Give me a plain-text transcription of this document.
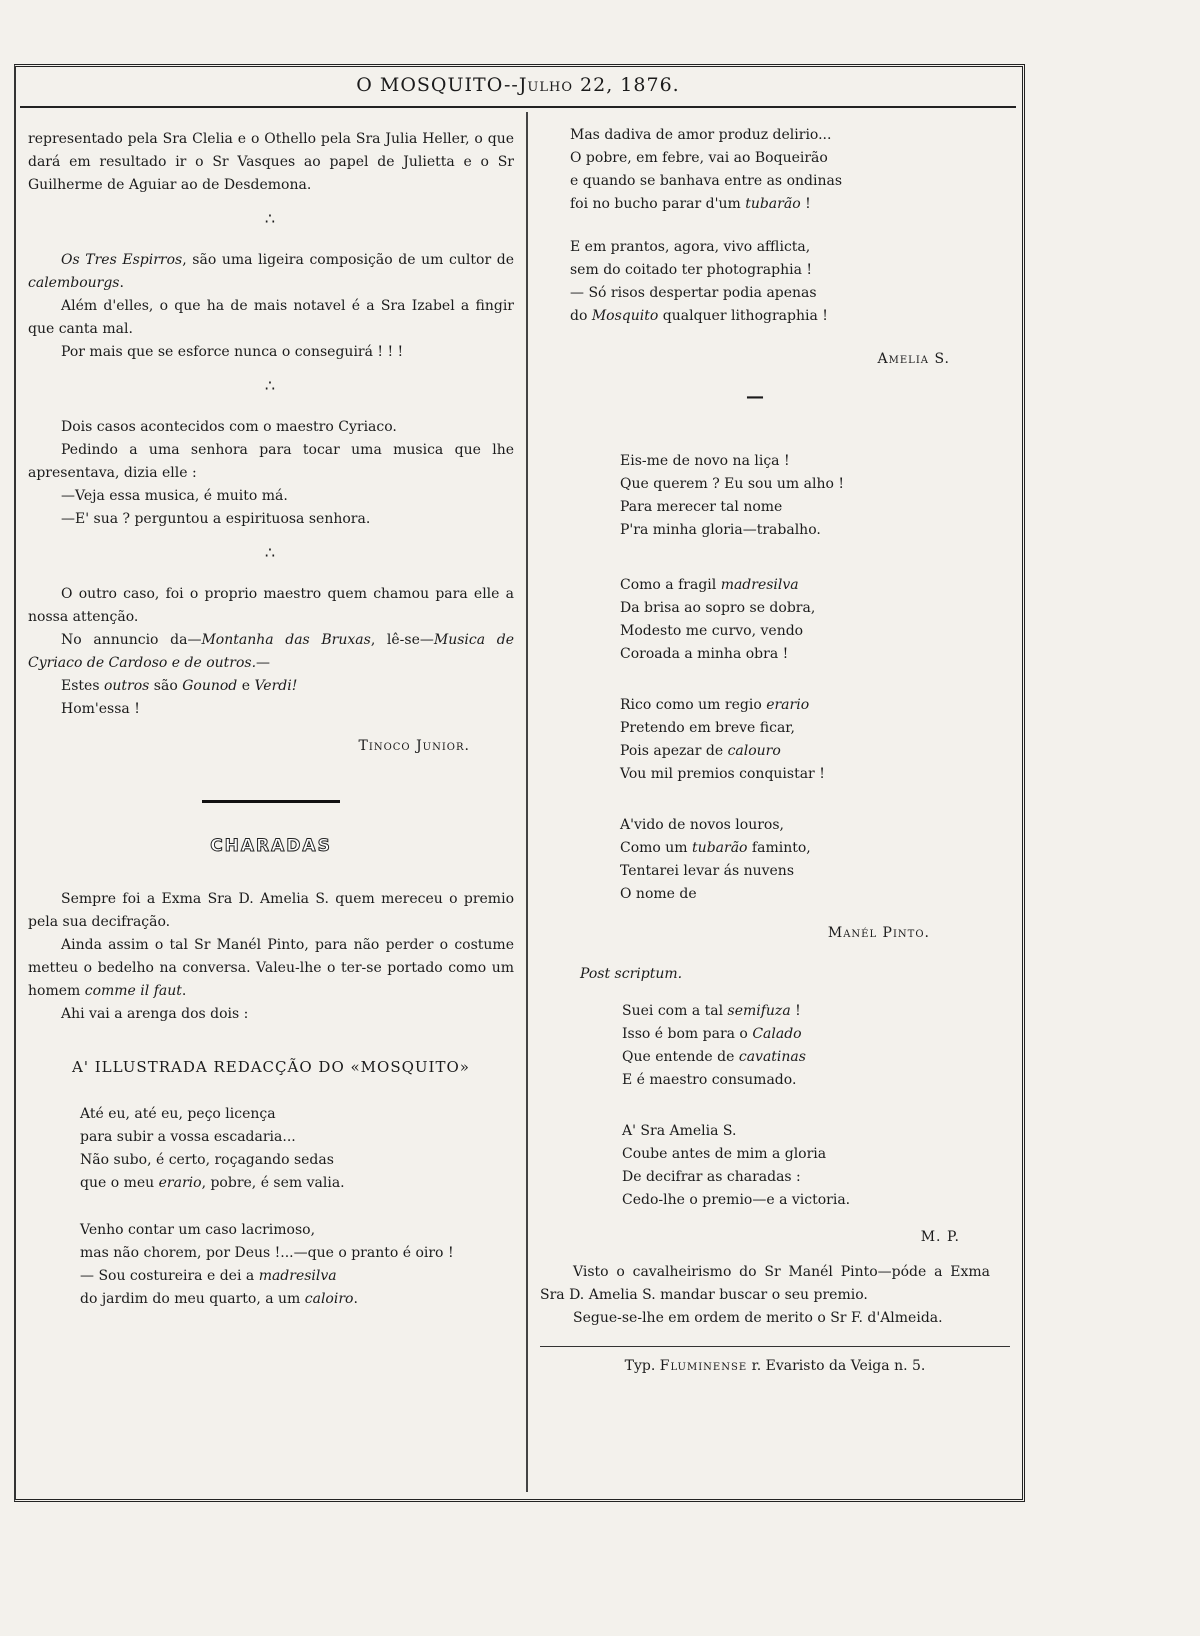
O MOSQUITO--Julho 22, 1876.

representado pela Sra Clelia e o Othello pela Sra Julia Heller, o que dará em resultado ir o Sr Vasques ao papel de Julietta e o Sr Guilherme de Aguiar ao de Desdemona.

∴

Os Tres Espirros, são uma ligeira composição de um cultor de calembourgs.

Além d'elles, o que ha de mais notavel é a Sra Izabel a fingir que canta mal.

Por mais que se esforce nunca o conseguirá ! ! !

∴

Dois casos acontecidos com o maestro Cyriaco.

Pedindo a uma senhora para tocar uma musica que lhe apresentava, dizia elle :

—Veja essa musica, é muito má.

—E' sua ? perguntou a espirituosa senhora.

∴

O outro caso, foi o proprio maestro quem chamou para elle a nossa attenção.

No annuncio da—Montanha das Bruxas, lê-se—Musica de Cyriaco de Cardoso e de outros.—

Estes outros são Gounod e Verdi!

Hom'essa !

Tinoco Junior.

CHARADAS

Sempre foi a Exma Sra D. Amelia S. quem mereceu o premio pela sua decifração.

Ainda assim o tal Sr Manél Pinto, para não perder o costume metteu o bedelho na conversa. Valeu-lhe o ter-se portado como um homem comme il faut.

Ahi vai a arenga dos dois :

A' ILLUSTRADA REDACÇÃO DO «MOSQUITO»

Até eu, até eu, peço licença

para subir a vossa escadaria...

Não subo, é certo, roçagando sedas

que o meu erario, pobre, é sem valia.

Venho contar um caso lacrimoso,

mas não chorem, por Deus !...—que o pranto é oiro !

— Sou costureira e dei a madresilva

do jardim do meu quarto, a um caloiro.

Mas dadiva de amor produz delirio...

O pobre, em febre, vai ao Boqueirão

e quando se banhava entre as ondinas

foi no bucho parar d'um tubarão !

E em prantos, agora, vivo afflicta,

sem do coitado ter photographia !

— Só risos despertar podia apenas

do Mosquito qualquer lithographia !

Amelia S.

—

Eis-me de novo na liça !

Que querem ? Eu sou um alho !

Para merecer tal nome

P'ra minha gloria—trabalho.

Como a fragil madresilva

Da brisa ao sopro se dobra,

Modesto me curvo, vendo

Coroada a minha obra !

Rico como um regio erario

Pretendo em breve ficar,

Pois apezar de calouro

Vou mil premios conquistar !

A'vido de novos louros,

Como um tubarão faminto,

Tentarei levar ás nuvens

O nome de

Manél Pinto.

Post scriptum.

Suei com a tal semifuza !

Isso é bom para o Calado

Que entende de cavatinas

E é maestro consumado.

A' Sra Amelia S.

Coube antes de mim a gloria

De decifrar as charadas :

Cedo-lhe o premio—e a victoria.

M. P.

Visto o cavalheirismo do Sr Manél Pinto—póde a Exma Sra D. Amelia S. mandar buscar o seu premio.

Segue-se-lhe em ordem de merito o Sr F. d'Almeida.

Typ. Fluminense r. Evaristo da Veiga n. 5.
